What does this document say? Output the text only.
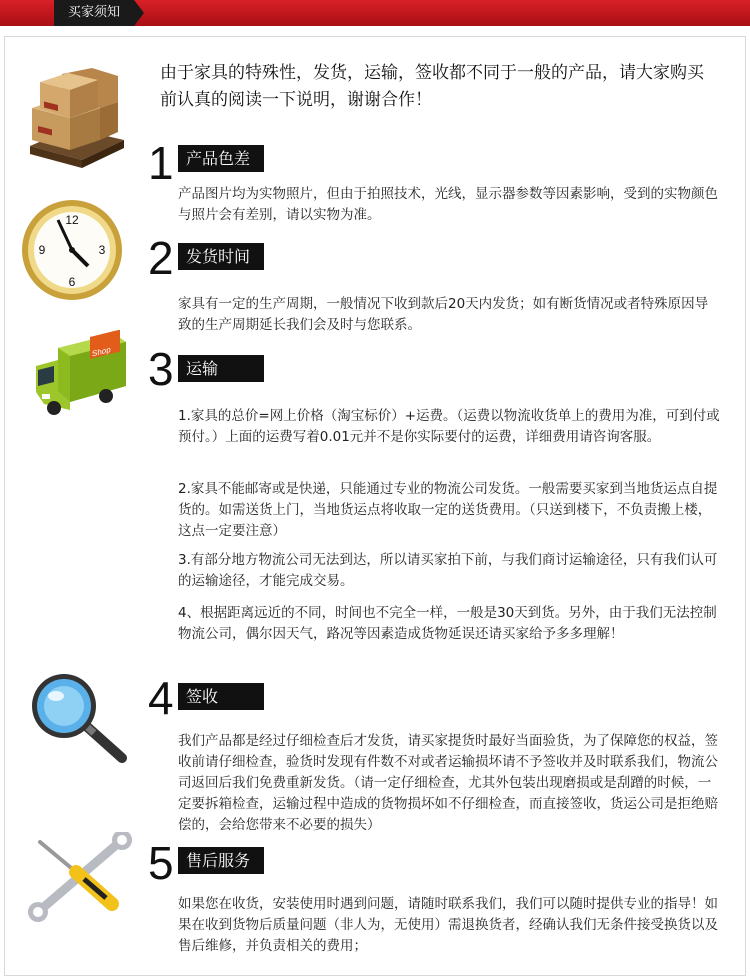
买家须知
由于家具的特殊性，发货，运输，签收都不同于一般的产品，请大家购买前认真的阅读一下说明，谢谢合作！
1 产品色差
产品图片均为实物照片，但由于拍照技术，光线，显示器参数等因素影响，受到的实物颜色与照片会有差别，请以实物为准。
12
3
6
9 2 发货时间
家具有一定的生产周期，一般情况下收到款后20天内发货；如有断货情况或者特殊原因导致的生产周期延长我们会及时与您联系。
Shop 3 运输
1.家具的总价=网上价格（淘宝标价）+运费。（运费以物流收货单上的费用为准，可到付或预付。）上面的运费写着0.01元并不是你实际要付的运费，详细费用请咨询客服。
2.家具不能邮寄或是快递，只能通过专业的物流公司发货。一般需要买家到当地货运点自提货的。如需送货上门，当地货运点将收取一定的送货费用。（只送到楼下，不负责搬上楼，这点一定要注意）
3.有部分地方物流公司无法到达，所以请买家拍下前，与我们商讨运输途径，只有我们认可的运输途径，才能完成交易。
4、根据距离远近的不同，时间也不完全一样，一般是30天到货。另外，由于我们无法控制物流公司，偶尔因天气，路况等因素造成货物延误还请买家给予多多理解！
4 签收
我们产品都是经过仔细检查后才发货，请买家提货时最好当面验货，为了保障您的权益，签收前请仔细检查，验货时发现有件数不对或者运输损坏请不予签收并及时联系我们，物流公司返回后我们免费重新发货。（请一定仔细检查，尤其外包装出现磨损或是刮蹭的时候，一定要拆箱检查，运输过程中造成的货物损坏如不仔细检查，而直接签收，货运公司是拒绝赔偿的，会给您带来不必要的损失）
5 售后服务
如果您在收货，安装使用时遇到问题，请随时联系我们，我们可以随时提供专业的指导！如果在收到货物后质量问题（非人为，无使用）需退换货者，经确认我们无条件接受换货以及售后维修，并负责相关的费用；
